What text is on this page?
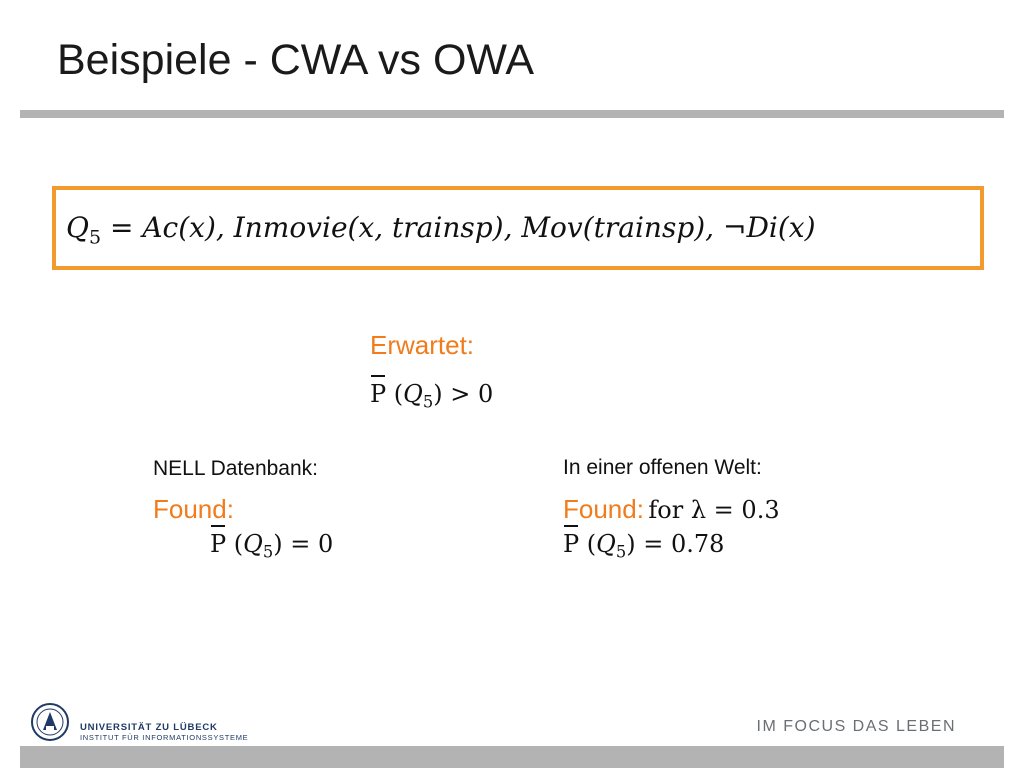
Beispiele - CWA vs OWA
$Q_5 = Ac(x)$, Inmovie(x, trainsp), Mov(trainsp), ¬Di(x)
Erwartet:
P $(Q_5) > 0$
NELL Datenbank:
Found:
P $(Q_5) = 0$
In einer offenen Welt:
Found: for λ = 0.3
P $(Q_5) = 0.78$
UNIVERSITÄT ZU LÜBECK
INSTITUT FÜR INFORMATIONSSYSTEME
IM FOCUS DAS LEBEN
